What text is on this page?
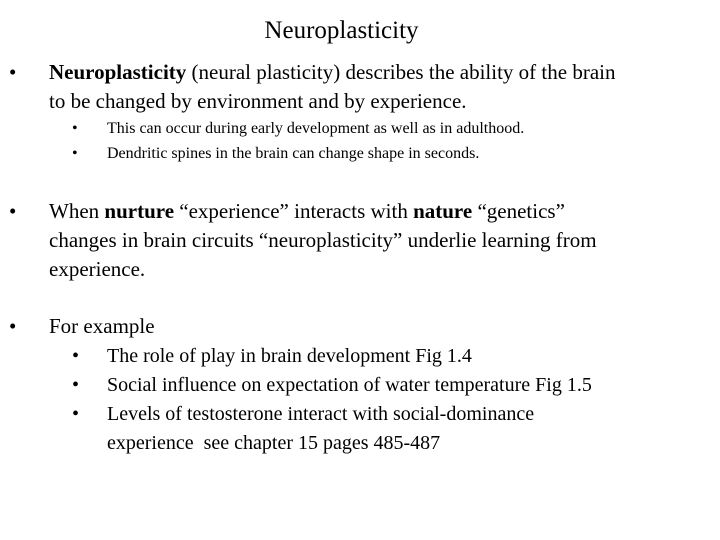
Neuroplasticity
• Neuroplasticity (neural plasticity) describes the ability of the brain
to be changed by environment and by experience.
• This can occur during early development as well as in adulthood.
• Dendritic spines in the brain can change shape in seconds.
• When nurture “experience” interacts with nature “genetics”
changes in brain circuits “neuroplasticity” underlie learning from
experience.
• For example
• The role of play in brain development Fig 1.4
• Social influence on expectation of water temperature Fig 1.5
• Levels of testosterone interact with social-dominance
experience  see chapter 15 pages 485-487
